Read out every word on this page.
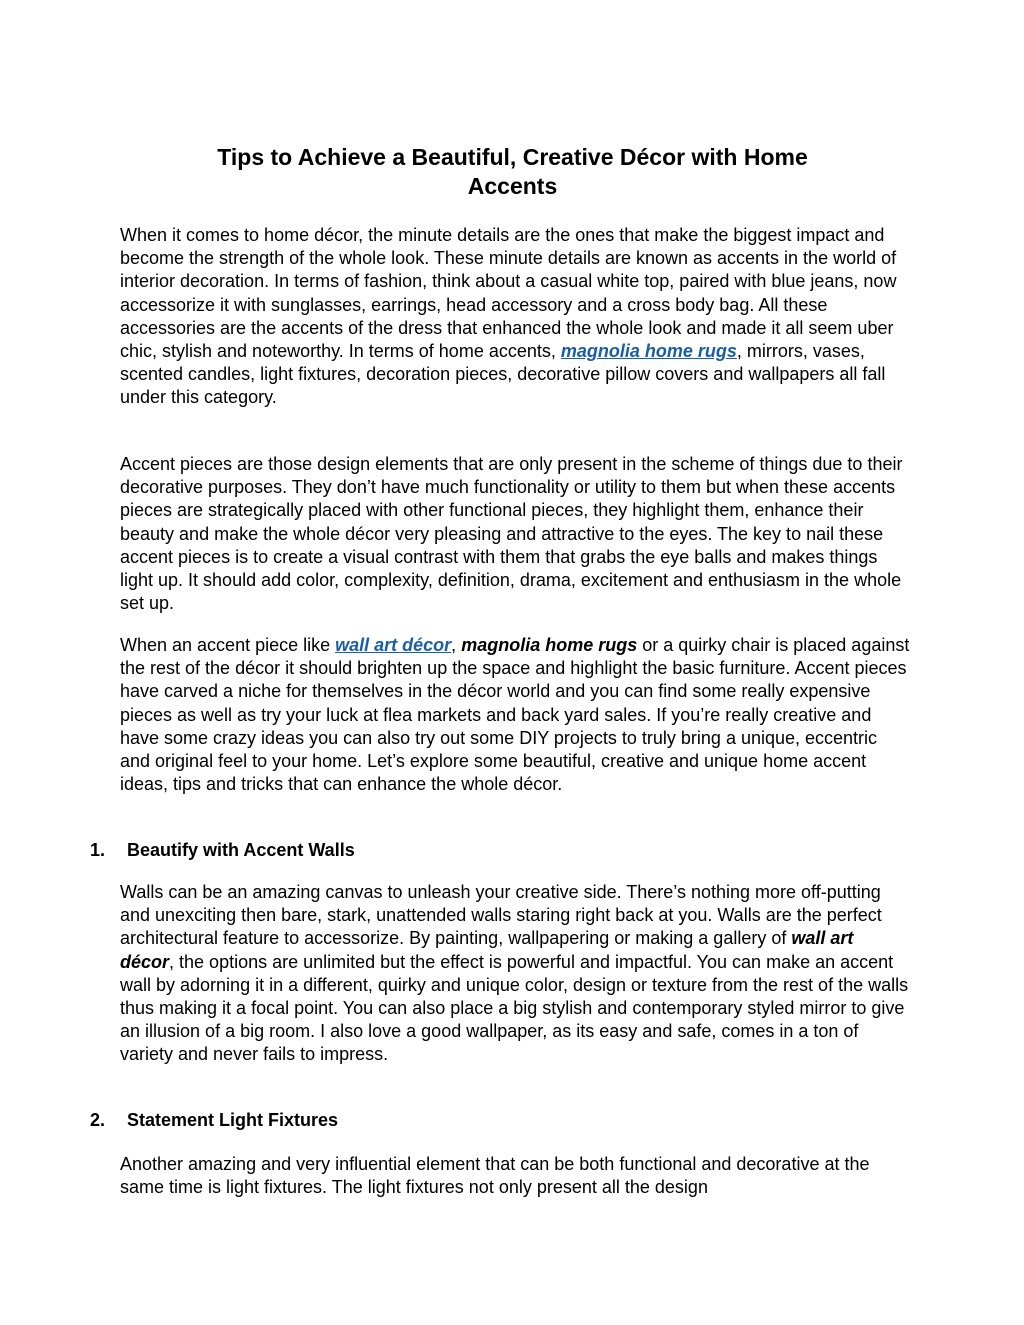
Tips to Achieve a Beautiful, Creative Décor with Home
Accents

When it comes to home décor, the minute details are the ones that make the biggest impact and become the strength of the whole look. These minute details are known as accents in the world of interior decoration. In terms of fashion, think about a casual white top, paired with blue jeans, now accessorize it with sunglasses, earrings, head accessory and a cross body bag. All these accessories are the accents of the dress that enhanced the whole look and made it all seem uber chic, stylish and noteworthy. In terms of home accents, magnolia home rugs, mirrors, vases, scented candles, light fixtures, decoration pieces, decorative pillow covers and wallpapers all fall under this category.

Accent pieces are those design elements that are only present in the scheme of things due to their decorative purposes. They don’t have much functionality or utility to them but when these accents pieces are strategically placed with other functional pieces, they highlight them, enhance their beauty and make the whole décor very pleasing and attractive to the eyes. The key to nail these accent pieces is to create a visual contrast with them that grabs the eye balls and makes things light up. It should add color, complexity, definition, drama, excitement and enthusiasm in the whole set up.

When an accent piece like wall art décor, magnolia home rugs or a quirky chair is placed against the rest of the décor it should brighten up the space and highlight the basic furniture. Accent pieces have carved a niche for themselves in the décor world and you can find some really expensive pieces as well as try your luck at flea markets and back yard sales. If you’re really creative and have some crazy ideas you can also try out some DIY projects to truly bring a unique, eccentric and original feel to your home. Let’s explore some beautiful, creative and unique home accent ideas, tips and tricks that can enhance the whole décor.

1. Beautify with Accent Walls

Walls can be an amazing canvas to unleash your creative side. There’s nothing more off-putting and unexciting then bare, stark, unattended walls staring right back at you. Walls are the perfect architectural feature to accessorize. By painting, wallpapering or making a gallery of wall art décor, the options are unlimited but the effect is powerful and impactful. You can make an accent wall by adorning it in a different, quirky and unique color, design or texture from the rest of the walls thus making it a focal point. You can also place a big stylish and contemporary styled mirror to give an illusion of a big room. I also love a good wallpaper, as its easy and safe, comes in a ton of variety and never fails to impress.

2. Statement Light Fixtures

Another amazing and very influential element that can be both functional and decorative at the same time is light fixtures. The light fixtures not only present all the design
